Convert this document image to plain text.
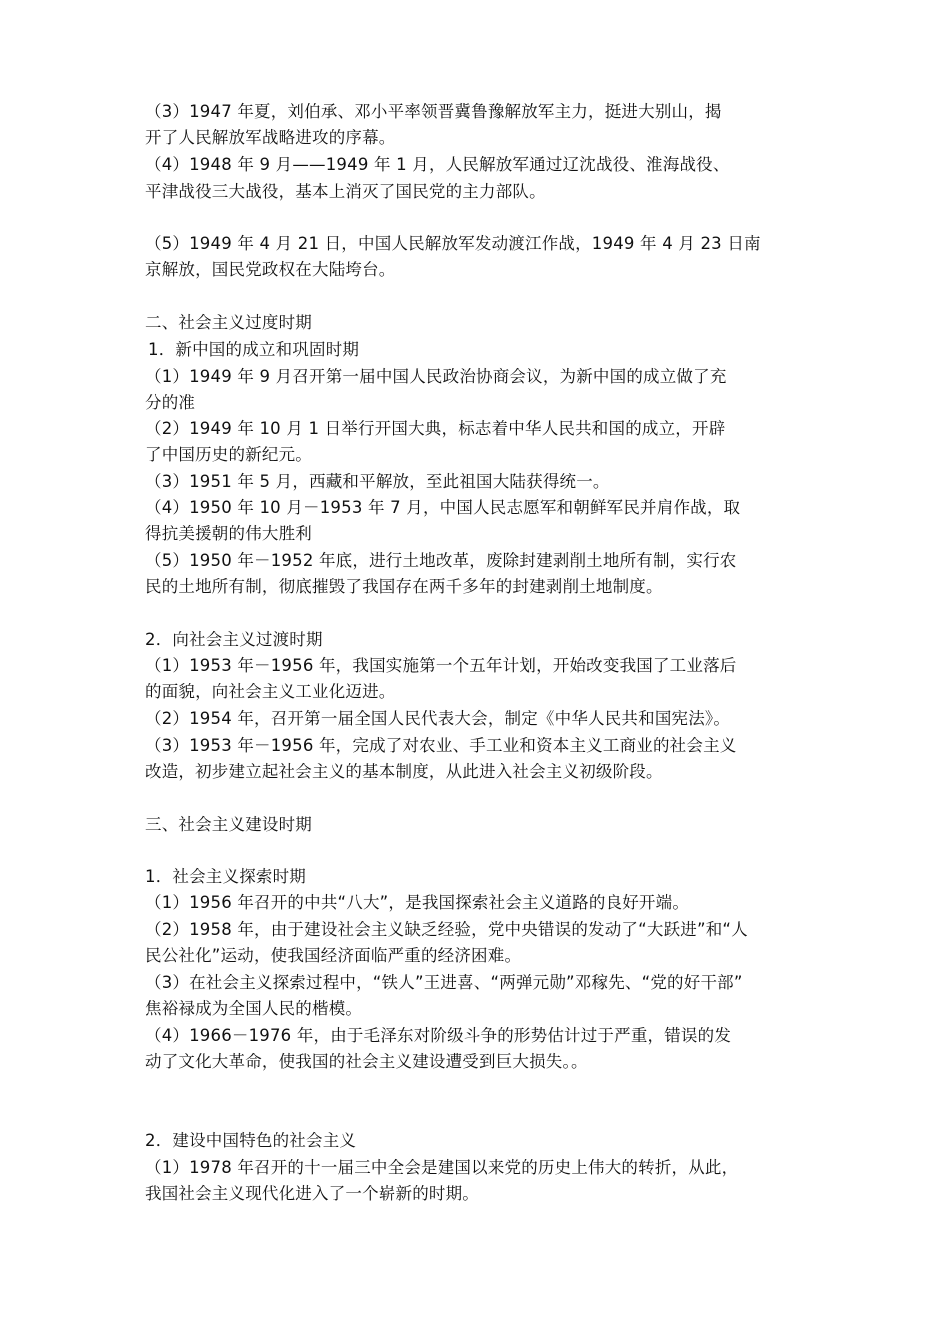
（3）1947 年夏，刘伯承、邓小平率领晋冀鲁豫解放军主力，挺进大别山，揭
开了人民解放军战略进攻的序幕。
（4）1948 年 9 月——1949 年 1 月，人民解放军通过辽沈战役、淮海战役、
平津战役三大战役，基本上消灭了国民党的主力部队。
（5）1949 年 4 月 21 日，中国人民解放军发动渡江作战，1949 年 4 月 23 日南
京解放，国民党政权在大陆垮台。
二、社会主义过度时期
1．新中国的成立和巩固时期
（1）1949 年 9 月召开第一届中国人民政治协商会议，为新中国的成立做了充
分的准
（2）1949 年 10 月 1 日举行开国大典，标志着中华人民共和国的成立，开辟
了中国历史的新纪元。
（3）1951 年 5 月，西藏和平解放，至此祖国大陆获得统一。
（4）1950 年 10 月－1953 年 7 月，中国人民志愿军和朝鲜军民并肩作战，取
得抗美援朝的伟大胜利
（5）1950 年－1952 年底，进行土地改革，废除封建剥削土地所有制，实行农
民的土地所有制，彻底摧毁了我国存在两千多年的封建剥削土地制度。
2．向社会主义过渡时期
（1）1953 年－1956 年，我国实施第一个五年计划，开始改变我国了工业落后
的面貌，向社会主义工业化迈进。
（2）1954 年，召开第一届全国人民代表大会，制定《中华人民共和国宪法》。
（3）1953 年－1956 年，完成了对农业、手工业和资本主义工商业的社会主义
改造，初步建立起社会主义的基本制度，从此进入社会主义初级阶段。
三、社会主义建设时期
1．社会主义探索时期
（1）1956 年召开的中共“八大”，是我国探索社会主义道路的良好开端。
（2）1958 年，由于建设社会主义缺乏经验，党中央错误的发动了“大跃进”和“人
民公社化”运动，使我国经济面临严重的经济困难。
（3）在社会主义探索过程中，“铁人”王进喜、“两弹元勋”邓稼先、“党的好干部”
焦裕禄成为全国人民的楷模。
（4）1966－1976 年，由于毛泽东对阶级斗争的形势估计过于严重，错误的发
动了文化大革命，使我国的社会主义建设遭受到巨大损失。。
2．建设中国特色的社会主义
（1）1978 年召开的十一届三中全会是建国以来党的历史上伟大的转折，从此，
我国社会主义现代化进入了一个崭新的时期。
